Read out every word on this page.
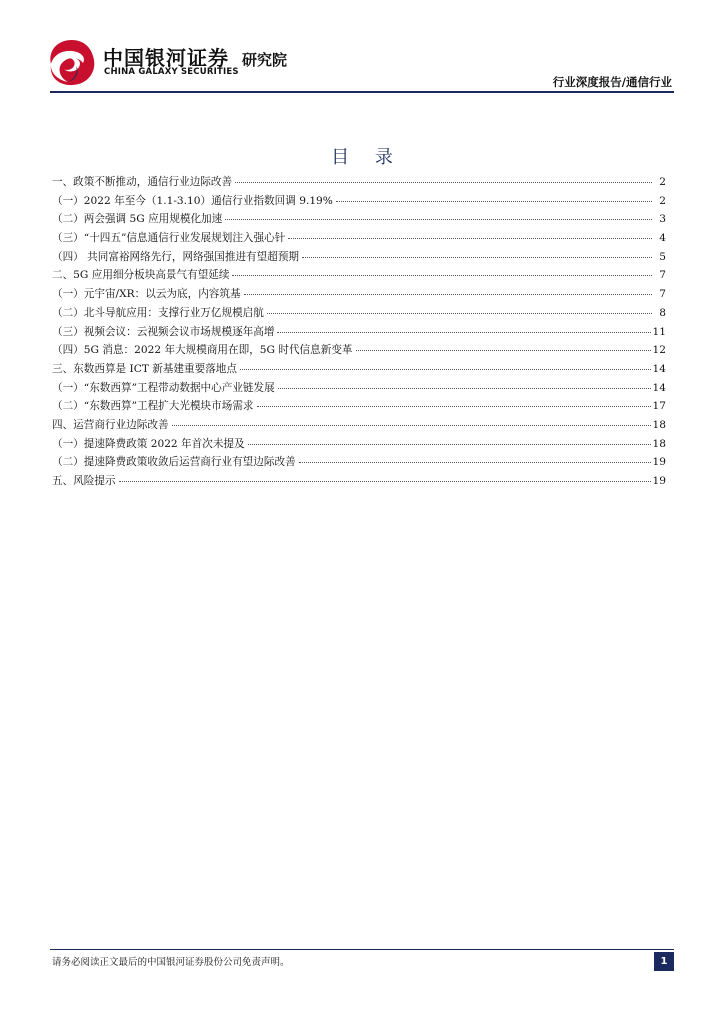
中国银河证券
CHINA GALAXY SECURITIES
研究院
行业深度报告/通信行业
目 录
一、政策不断推动，通信行业边际改善	2
（一）2022 年至今（1.1-3.10）通信行业指数回调 9.19%	2
（二）两会强调 5G 应用规模化加速	3
（三）“十四五”信息通信行业发展规划注入强心针	4
（四） 共同富裕网络先行，网络强国推进有望超预期	5
二、5G 应用细分板块高景气有望延续	7
（一）元宇宙/XR：以云为底，内容筑基	7
（二）北斗导航应用：支撑行业万亿规模启航	8
（三）视频会议：云视频会议市场规模逐年高增	11
（四）5G 消息：2022 年大规模商用在即，5G 时代信息新变革	12
三、东数西算是 ICT 新基建重要落地点	14
（一）“东数西算”工程带动数据中心产业链发展	14
（二）“东数西算”工程扩大光模块市场需求	17
四、运营商行业边际改善	18
（一）提速降费政策 2022 年首次未提及	18
（二）提速降费政策收敛后运营商行业有望边际改善	19
五、风险提示	19
请务必阅读正文最后的中国银河证券股份公司免责声明。	1
